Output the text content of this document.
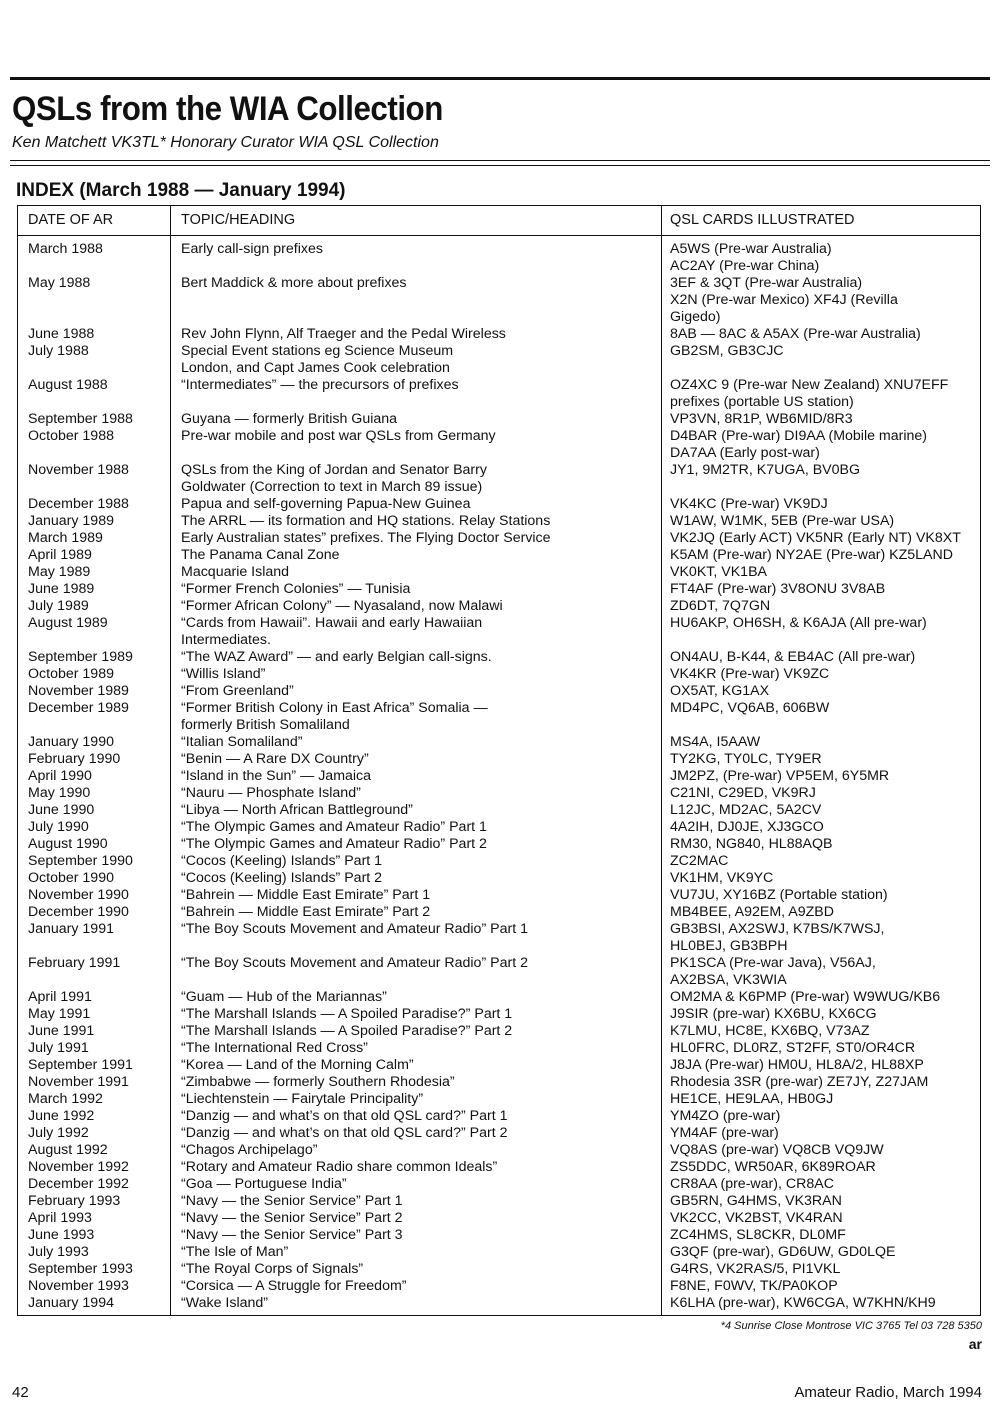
QSLs from the WIA Collection
Ken Matchett VK3TL* Honorary Curator WIA QSL Collection
INDEX (March 1988 — January 1994)
DATE OF AR	TOPIC/HEADING	QSL CARDS ILLUSTRATED
March 1988	Early call-sign prefixes	A5WS (Pre-war Australia)
AC2AY (Pre-war China)
May 1988	Bert Maddick & more about prefixes	3EF & 3QT (Pre-war Australia)
X2N (Pre-war Mexico) XF4J (Revilla
Gigedo)
June 1988	Rev John Flynn, Alf Traeger and the Pedal Wireless	8AB — 8AC & A5AX (Pre-war Australia)
July 1988	Special Event stations eg Science Museum
London, and Capt James Cook celebration	GB2SM, GB3CJC
August 1988	“Intermediates” — the precursors of prefixes	OZ4XC 9 (Pre-war New Zealand) XNU7EFF
prefixes (portable US station)
September 1988	Guyana — formerly British Guiana	VP3VN, 8R1P, WB6MID/8R3
October 1988	Pre-war mobile and post war QSLs from Germany	D4BAR (Pre-war) DI9AA (Mobile marine)
DA7AA (Early post-war)
November 1988	QSLs from the King of Jordan and Senator Barry
Goldwater (Correction to text in March 89 issue)	JY1, 9M2TR, K7UGA, BV0BG
December 1988	Papua and self-governing Papua-New Guinea	VK4KC (Pre-war) VK9DJ
January 1989	The ARRL — its formation and HQ stations. Relay Stations	W1AW, W1MK, 5EB (Pre-war USA)
March 1989	Early Australian states” prefixes. The Flying Doctor Service	VK2JQ (Early ACT) VK5NR (Early NT) VK8XT
April 1989	The Panama Canal Zone	K5AM (Pre-war) NY2AE (Pre-war) KZ5LAND
May 1989	Macquarie Island	VK0KT, VK1BA
June 1989	“Former French Colonies” — Tunisia	FT4AF (Pre-war) 3V8ONU 3V8AB
July 1989	“Former African Colony” — Nyasaland, now Malawi	ZD6DT, 7Q7GN
August 1989	“Cards from Hawaii”. Hawaii and early Hawaiian
Intermediates.	HU6AKP, OH6SH, & K6AJA (All pre-war)
September 1989	“The WAZ Award” — and early Belgian call-signs.	ON4AU, B-K44, & EB4AC (All pre-war)
October 1989	“Willis Island”	VK4KR (Pre-war) VK9ZC
November 1989	“From Greenland”	OX5AT, KG1AX
December 1989	“Former British Colony in East Africa” Somalia —
formerly British Somaliland	MD4PC, VQ6AB, 606BW
January 1990	“Italian Somaliland”	MS4A, I5AAW
February 1990	“Benin — A Rare DX Country”	TY2KG, TY0LC, TY9ER
April 1990	“Island in the Sun” — Jamaica	JM2PZ, (Pre-war) VP5EM, 6Y5MR
May 1990	“Nauru — Phosphate Island”	C21NI, C29ED, VK9RJ
June 1990	“Libya — North African Battleground”	L12JC, MD2AC, 5A2CV
July 1990	“The Olympic Games and Amateur Radio” Part 1	4A2IH, DJ0JE, XJ3GCO
August 1990	“The Olympic Games and Amateur Radio” Part 2	RM30, NG840, HL88AQB
September 1990	“Cocos (Keeling) Islands” Part 1	ZC2MAC
October 1990	“Cocos (Keeling) Islands” Part 2	VK1HM, VK9YC
November 1990	“Bahrein — Middle East Emirate” Part 1	VU7JU, XY16BZ (Portable station)
December 1990	“Bahrein — Middle East Emirate” Part 2	MB4BEE, A92EM, A9ZBD
January 1991	“The Boy Scouts Movement and Amateur Radio” Part 1	GB3BSI, AX2SWJ, K7BS/K7WSJ,
HL0BEJ, GB3BPH
February 1991	“The Boy Scouts Movement and Amateur Radio” Part 2	PK1SCA (Pre-war Java), V56AJ,
AX2BSA, VK3WIA
April 1991	“Guam — Hub of the Mariannas”	OM2MA & K6PMP (Pre-war) W9WUG/KB6
May 1991	“The Marshall Islands — A Spoiled Paradise?” Part 1	J9SIR (pre-war) KX6BU, KX6CG
June 1991	“The Marshall Islands — A Spoiled Paradise?” Part 2	K7LMU, HC8E, KX6BQ, V73AZ
July 1991	“The International Red Cross”	HL0FRC, DL0RZ, ST2FF, ST0/OR4CR
September 1991	“Korea — Land of the Morning Calm”	J8JA (Pre-war) HM0U, HL8A/2, HL88XP
November 1991	“Zimbabwe — formerly Southern Rhodesia”	Rhodesia 3SR (pre-war) ZE7JY, Z27JAM
March 1992	“Liechtenstein — Fairytale Principality”	HE1CE, HE9LAA, HB0GJ
June 1992	“Danzig — and what’s on that old QSL card?” Part 1	YM4ZO (pre-war)
July 1992	“Danzig — and what’s on that old QSL card?” Part 2	YM4AF (pre-war)
August 1992	“Chagos Archipelago”	VQ8AS (pre-war) VQ8CB VQ9JW
November 1992	“Rotary and Amateur Radio share common Ideals”	ZS5DDC, WR50AR, 6K89ROAR
December 1992	“Goa — Portuguese India”	CR8AA (pre-war), CR8AC
February 1993	“Navy — the Senior Service” Part 1	GB5RN, G4HMS, VK3RAN
April 1993	“Navy — the Senior Service” Part 2	VK2CC, VK2BST, VK4RAN
June 1993	“Navy — the Senior Service” Part 3	ZC4HMS, SL8CKR, DL0MF
July 1993	“The Isle of Man”	G3QF (pre-war), GD6UW, GD0LQE
September 1993	“The Royal Corps of Signals”	G4RS, VK2RAS/5, PI1VKL
November 1993	“Corsica — A Struggle for Freedom”	F8NE, F0WV, TK/PA0KOP
January 1994	“Wake Island”	K6LHA (pre-war), KW6CGA, W7KHN/KH9
*4 Sunrise Close Montrose VIC 3765 Tel 03 728 5350
ar
42	Amateur Radio, March 1994
